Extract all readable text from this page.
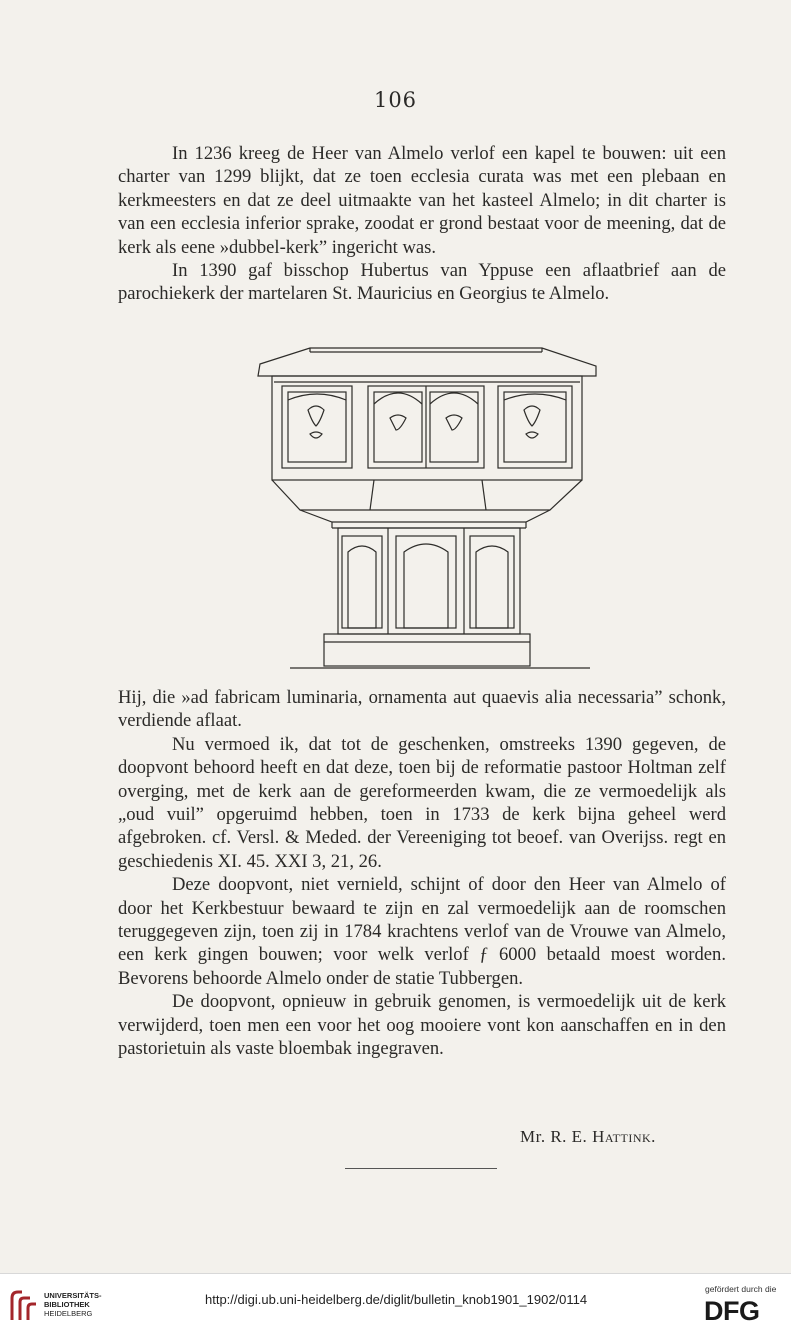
106

In 1236 kreeg de Heer van Almelo verlof een kapel te bouwen: uit een charter van 1299 blijkt, dat ze toen ecclesia curata was met een plebaan en kerkmeesters en dat ze deel uitmaakte van het kasteel Almelo; in dit charter is van een ecclesia inferior sprake, zoodat er grond bestaat voor de meening, dat de kerk als eene »dubbel-kerk” ingericht was.

In 1390 gaf bisschop Hubertus van Yppuse een aflaatbrief aan de parochiekerk der martelaren St. Mauricius en Georgius te Almelo.

Hij, die »ad fabricam luminaria, ornamenta aut quaevis alia necessaria” schonk, verdiende aflaat.

Nu vermoed ik, dat tot de geschenken, omstreeks 1390 gegeven, de doopvont behoord heeft en dat deze, toen bij de reformatie pastoor Holtman zelf overging, met de kerk aan de gereformeerden kwam, die ze vermoedelijk als „oud vuil” opgeruimd hebben, toen in 1733 de kerk bijna geheel werd afgebroken. cf. Versl. & Meded. der Vereeniging tot beoef. van Overijss. regt en geschiedenis XI. 45. XXI 3, 21, 26.

Deze doopvont, niet vernield, schijnt of door den Heer van Almelo of door het Kerkbestuur bewaard te zijn en zal vermoedelijk aan de roomschen teruggegeven zijn, toen zij in 1784 krachtens verlof van de Vrouwe van Almelo, een kerk gingen bouwen; voor welk verlof ƒ 6000 betaald moest worden. Bevorens behoorde Almelo onder de statie Tubbergen.

De doopvont, opnieuw in gebruik genomen, is vermoedelijk uit de kerk verwijderd, toen men een voor het oog mooiere vont kon aanschaffen en in den pastorietuin als vaste bloembak ingegraven.

Mr. R. E. Hattink.
UNIVERSITÄTS-
BIBLIOTHEK
HEIDELBERG
http://digi.ub.uni-heidelberg.de/diglit/bulletin_knob1901_1902/0114
gefördert durch die
DFG
